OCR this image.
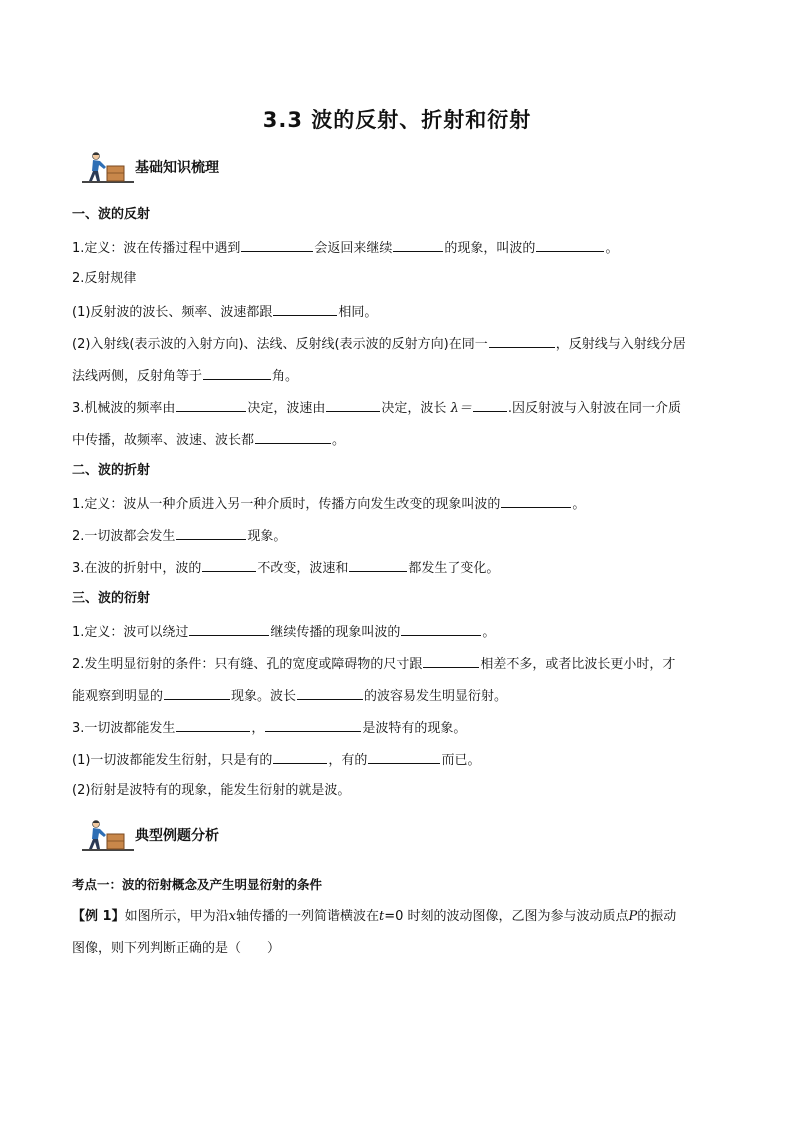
3.3 波的反射、折射和衍射
基础知识梳理
一、波的反射
1.定义：波在传播过程中遇到	会返回来继续	的现象，叫波的	。
2.反射规律
(1)反射波的波长、频率、波速都跟	相同。
(2)入射线(表示波的入射方向)、法线、反射线(表示波的反射方向)在同一	，反射线与入射线分居
法线两侧，反射角等于	角。
3.机械波的频率由	决定，波速由	决定，波长 λ＝	.因反射波与入射波在同一介质
中传播，故频率、波速、波长都	。
二、波的折射
1.定义：波从一种介质进入另一种介质时，传播方向发生改变的现象叫波的	。
2.一切波都会发生	现象。
3.在波的折射中，波的	不改变，波速和	都发生了变化。
三、波的衍射
1.定义：波可以绕过	继续传播的现象叫波的	。
2.发生明显衍射的条件：只有缝、孔的宽度或障碍物的尺寸跟	相差不多，或者比波长更小时，才
能观察到明显的	现象。波长	的波容易发生明显衍射。
3.一切波都能发生	，	是波特有的现象。
(1)一切波都能发生衍射，只是有的	，有的	而已。
(2)衍射是波特有的现象，能发生衍射的就是波。
典型例题分析
考点一：波的衍射概念及产生明显衍射的条件
【例 1】如图所示，甲为沿x轴传播的一列简谐横波在t=0 时刻的波动图像，乙图为参与波动质点P的振动
图像，则下列判断正确的是（　　）
